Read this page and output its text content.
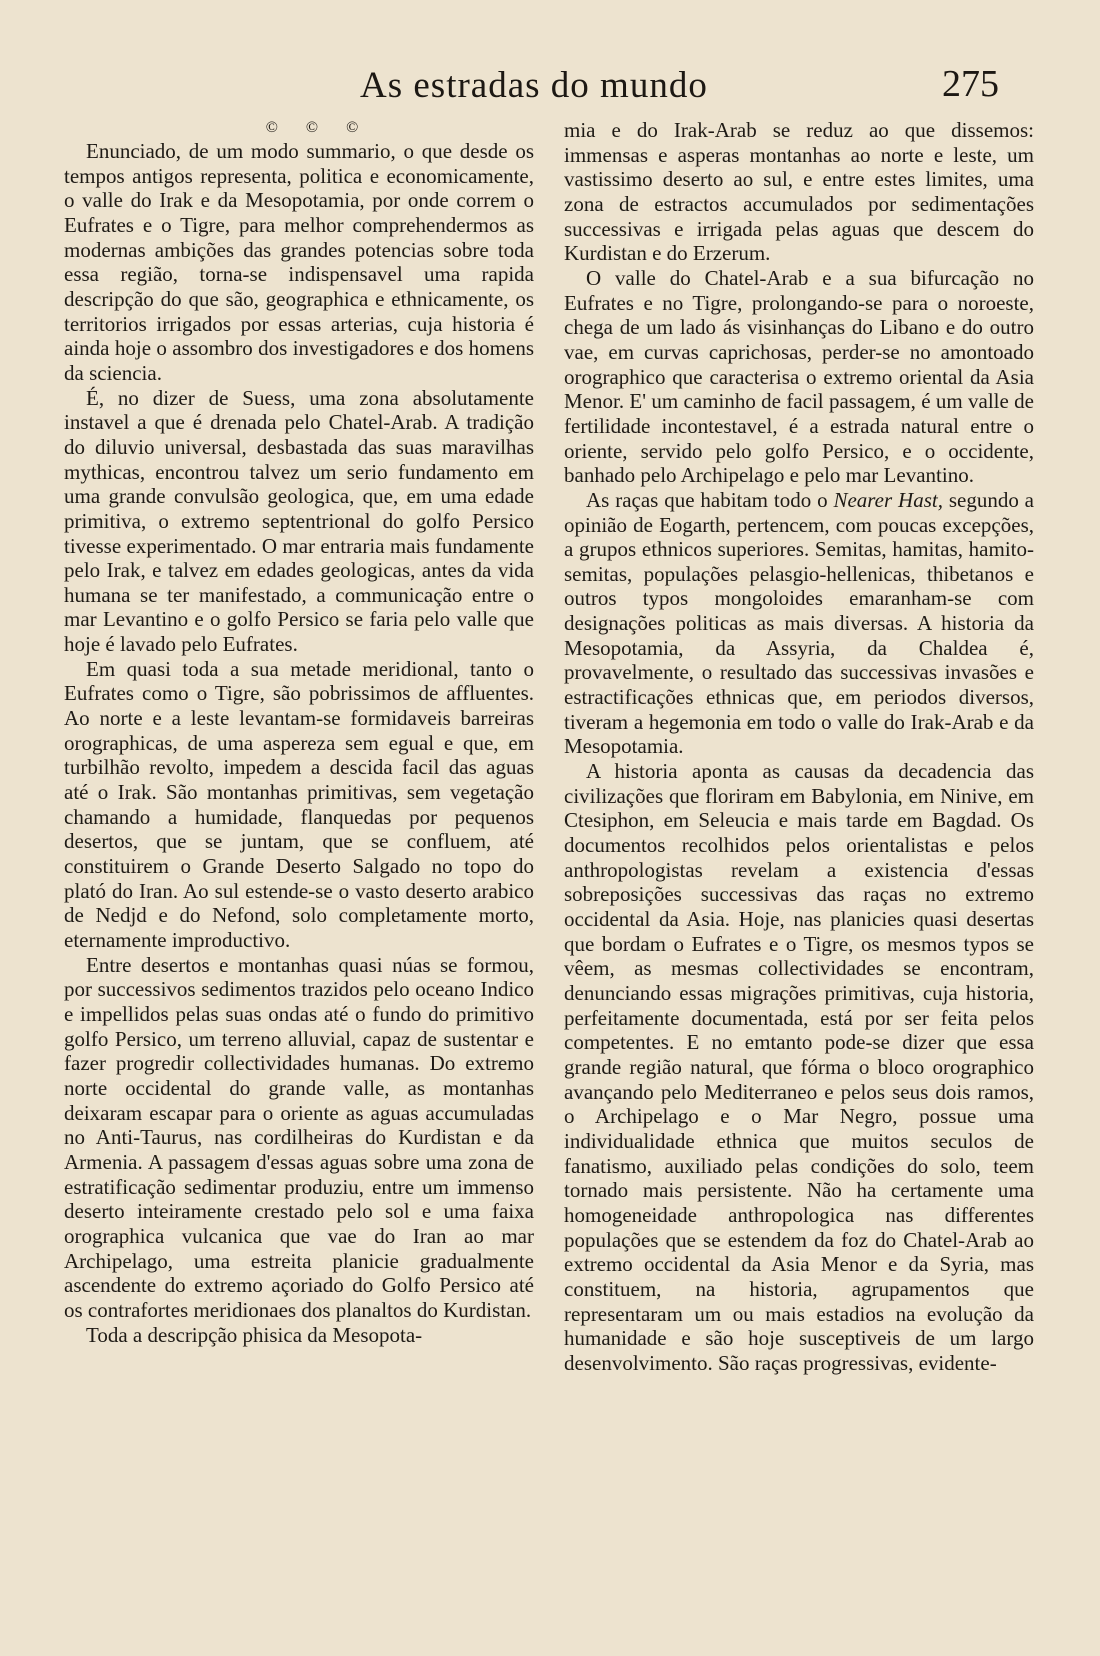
As estradas do mundo	275
© © ©

Enunciado, de um modo summario, o que desde os tempos antigos representa, politica e economicamente, o valle do Irak e da Mesopotamia, por onde correm o Eufrates e o Tigre, para melhor comprehendermos as modernas ambições das grandes potencias sobre toda essa região, torna-se indispensavel uma rapida descripção do que são, geographica e ethnicamente, os territorios irrigados por essas arterias, cuja historia é ainda hoje o assombro dos investigadores e dos homens da sciencia.

É, no dizer de Suess, uma zona absolutamente instavel a que é drenada pelo Chatel-Arab. A tradição do diluvio universal, desbastada das suas maravilhas mythicas, encontrou talvez um serio fundamento em uma grande convulsão geologica, que, em uma edade primitiva, o extremo septentrional do golfo Persico tivesse experimentado. O mar entraria mais fundamente pelo Irak, e talvez em edades geologicas, antes da vida humana se ter manifestado, a communicação entre o mar Levantino e o golfo Persico se faria pelo valle que hoje é lavado pelo Eufrates.

Em quasi toda a sua metade meridional, tanto o Eufrates como o Tigre, são pobrissimos de affluentes. Ao norte e a leste levantam-se formidaveis barreiras orographicas, de uma aspereza sem egual e que, em turbilhão revolto, impedem a descida facil das aguas até o Irak. São montanhas primitivas, sem vegetação chamando a humidade, flanquedas por pequenos desertos, que se juntam, que se confluem, até constituirem o Grande Deserto Salgado no topo do plató do Iran. Ao sul estende-se o vasto deserto arabico de Nedjd e do Nefond, solo completamente morto, eternamente improductivo.

Entre desertos e montanhas quasi núas se formou, por successivos sedimentos trazidos pelo oceano Indico e impellidos pelas suas ondas até o fundo do primitivo golfo Persico, um terreno alluvial, capaz de sustentar e fazer progredir collectividades humanas. Do extremo norte occidental do grande valle, as montanhas deixaram escapar para o oriente as aguas accumuladas no Anti-Taurus, nas cordilheiras do Kurdistan e da Armenia. A passagem d'essas aguas sobre uma zona de estratificação sedimentar produziu, entre um immenso deserto inteiramente crestado pelo sol e uma faixa orographica vulcanica que vae do Iran ao mar Archipelago, uma estreita planicie gradualmente ascendente do extremo açoriado do Golfo Persico até os contrafortes meridionaes dos planaltos do Kurdistan.

Toda a descripção phisica da Mesopota-

mia e do Irak-Arab se reduz ao que dissemos: immensas e asperas montanhas ao norte e leste, um vastissimo deserto ao sul, e entre estes limites, uma zona de estractos accumulados por sedimentações successivas e irrigada pelas aguas que descem do Kurdistan e do Erzerum.

O valle do Chatel-Arab e a sua bifurcação no Eufrates e no Tigre, prolongando-se para o noroeste, chega de um lado ás visinhanças do Libano e do outro vae, em curvas caprichosas, perder-se no amontoado orographico que caracterisa o extremo oriental da Asia Menor. E' um caminho de facil passagem, é um valle de fertilidade incontestavel, é a estrada natural entre o oriente, servido pelo golfo Persico, e o occidente, banhado pelo Archipelago e pelo mar Levantino.

As raças que habitam todo o Nearer Hast, segundo a opinião de Eogarth, pertencem, com poucas excepções, a grupos ethnicos superiores. Semitas, hamitas, hamito-semitas, populações pelasgio-hellenicas, thibetanos e outros typos mongoloides emaranham-se com designações politicas as mais diversas. A historia da Mesopotamia, da Assyria, da Chaldea é, provavelmente, o resultado das successivas invasões e estractificações ethnicas que, em periodos diversos, tiveram a hegemonia em todo o valle do Irak-Arab e da Mesopotamia.

A historia aponta as causas da decadencia das civilizações que floriram em Babylonia, em Ninive, em Ctesiphon, em Seleucia e mais tarde em Bagdad. Os documentos recolhidos pelos orientalistas e pelos anthropologistas revelam a existencia d'essas sobreposições successivas das raças no extremo occidental da Asia. Hoje, nas planicies quasi desertas que bordam o Eufrates e o Tigre, os mesmos typos se vêem, as mesmas collectividades se encontram, denunciando essas migrações primitivas, cuja historia, perfeitamente documentada, está por ser feita pelos competentes. E no emtanto pode-se dizer que essa grande região natural, que fórma o bloco orographico avançando pelo Mediterraneo e pelos seus dois ramos, o Archipelago e o Mar Negro, possue uma individualidade ethnica que muitos seculos de fanatismo, auxiliado pelas condições do solo, teem tornado mais persistente. Não ha certamente uma homogeneidade anthropologica nas differentes populações que se estendem da foz do Chatel-Arab ao extremo occidental da Asia Menor e da Syria, mas constituem, na historia, agrupamentos que representaram um ou mais estadios na evolução da humanidade e são hoje susceptiveis de um largo desenvolvimento. São raças progressivas, evidente-
